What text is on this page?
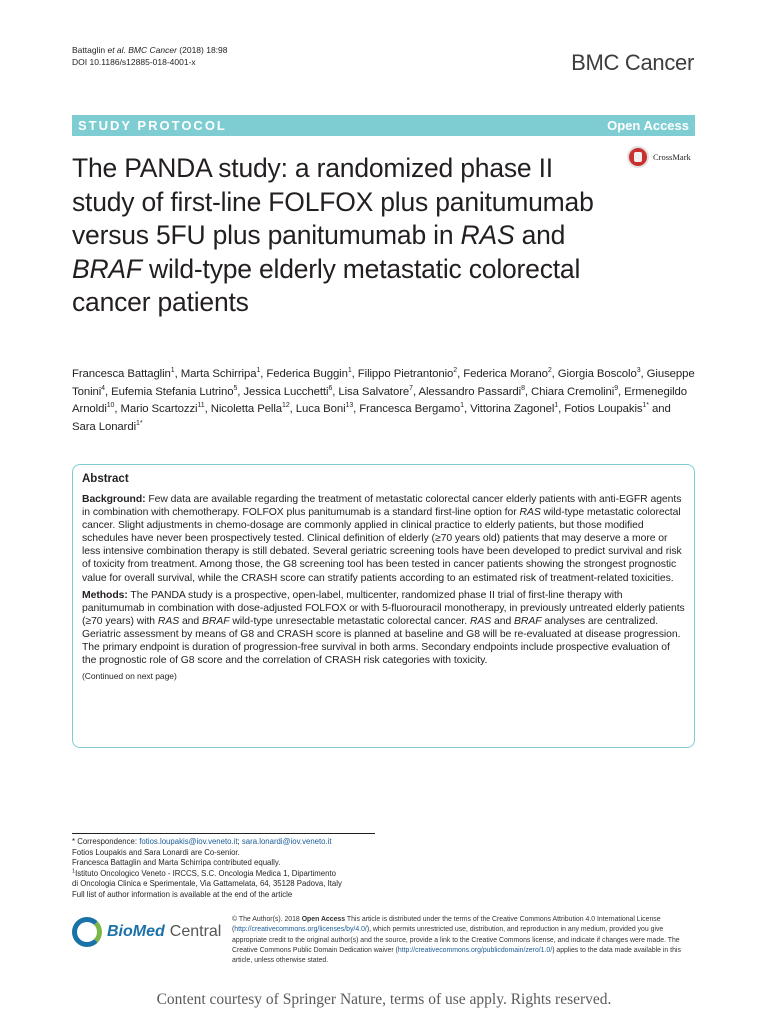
Battaglin et al. BMC Cancer (2018) 18:98
DOI 10.1186/s12885-018-4001-x	BMC Cancer
STUDY PROTOCOL	Open Access
CrossMark
The PANDA study: a randomized phase II study of first-line FOLFOX plus panitumumab versus 5FU plus panitumumab in RAS and BRAF wild-type elderly metastatic colorectal cancer patients
Francesca Battaglin$^1$, Marta Schirripa$^1$, Federica Buggin$^1$, Filippo Pietrantonio$^2$, Federica Morano$^2$, Giorgia Boscolo$^3$, Giuseppe Tonini$^4$, Eufemia Stefania Lutrino$^5$, Jessica Lucchetti$^6$, Lisa Salvatore$^7$, Alessandro Passardi$^8$, Chiara Cremolini$^9$, Ermenegildo Arnoldi$^{10}$, Mario Scartozzi$^{11}$, Nicoletta Pella$^{12}$, Luca Boni$^{13}$, Francesca Bergamo$^1$, Vittorina Zagonel$^1$, Fotios Loupakis$^{1*}$ and Sara Lonardi$^{1*}$
Abstract

Background: Few data are available regarding the treatment of metastatic colorectal cancer elderly patients with anti-EGFR agents in combination with chemotherapy. FOLFOX plus panitumumab is a standard first-line option for RAS wild-type metastatic colorectal cancer. Slight adjustments in chemo-dosage are commonly applied in clinical practice to elderly patients, but those modified schedules have never been prospectively tested. Clinical definition of elderly (≥70 years old) patients that may deserve a more or less intensive combination therapy is still debated. Several geriatric screening tools have been developed to predict survival and risk of toxicity from treatment. Among those, the G8 screening tool has been tested in cancer patients showing the strongest prognostic value for overall survival, while the CRASH score can stratify patients according to an estimated risk of treatment-related toxicities.

Methods: The PANDA study is a prospective, open-label, multicenter, randomized phase II trial of first-line therapy with panitumumab in combination with dose-adjusted FOLFOX or with 5-fluorouracil monotherapy, in previously untreated elderly patients (≥70 years) with RAS and BRAF wild-type unresectable metastatic colorectal cancer. RAS and BRAF analyses are centralized. Geriatric assessment by means of G8 and CRASH score is planned at baseline and G8 will be re-evaluated at disease progression. The primary endpoint is duration of progression-free survival in both arms. Secondary endpoints include prospective evaluation of the prognostic role of G8 score and the correlation of CRASH risk categories with toxicity.

(Continued on next page)

* Correspondence: fotios.loupakis@iov.veneto.it; sara.lonardi@iov.veneto.it
Fotios Loupakis and Sara Lonardi are Co-senior.
Francesca Battaglin and Marta Schirripa contributed equally.
$^1$Istituto Oncologico Veneto - IRCCS, S.C. Oncologia Medica 1, Dipartimento
di Oncologia Clinica e Sperimentale, Via Gattamelata, 64, 35128 Padova, Italy
Full list of author information is available at the end of the article
BioMed Central
© The Author(s). 2018 Open Access This article is distributed under the terms of the Creative Commons Attribution 4.0 International License (http://creativecommons.org/licenses/by/4.0/), which permits unrestricted use, distribution, and reproduction in any medium, provided you give appropriate credit to the original author(s) and the source, provide a link to the Creative Commons license, and indicate if changes were made. The Creative Commons Public Domain Dedication waiver (http://creativecommons.org/publicdomain/zero/1.0/) applies to the data made available in this article, unless otherwise stated.
Content courtesy of Springer Nature, terms of use apply. Rights reserved.
